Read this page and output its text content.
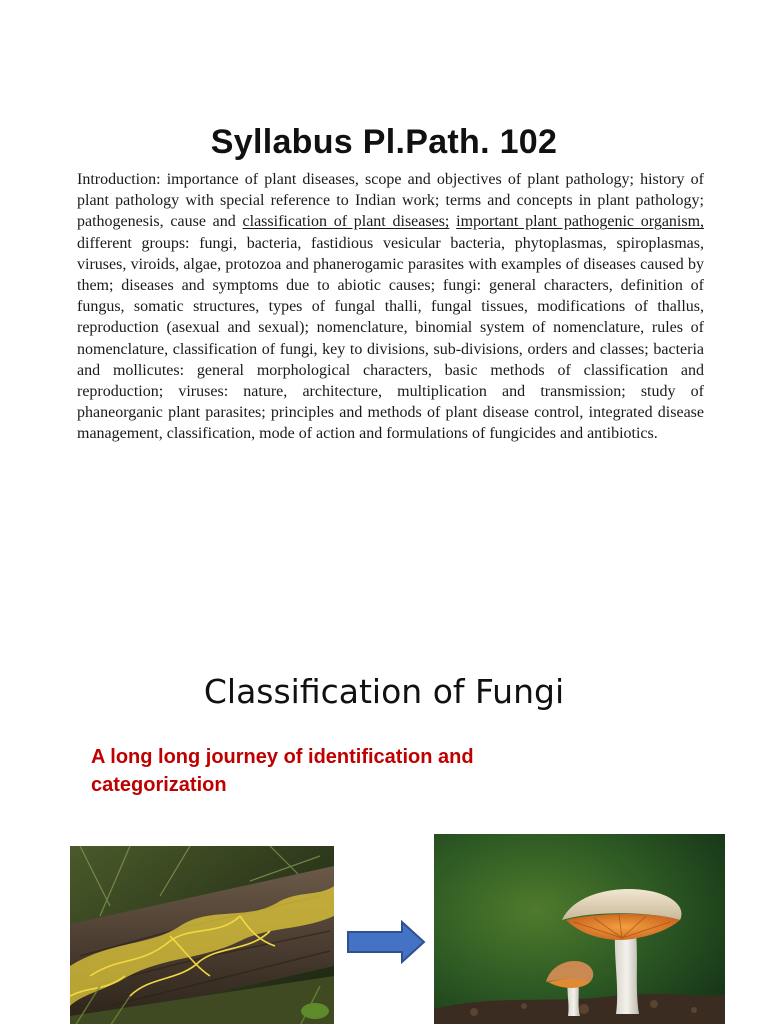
Syllabus Pl.Path. 102

Introduction: importance of plant diseases, scope and objectives of plant pathology; history of plant pathology with special reference to Indian work; terms and concepts in plant pathology; pathogenesis, cause and classification of plant diseases; important plant pathogenic organism, different groups: fungi, bacteria, fastidious vesicular bacteria, phytoplasmas, spiroplasmas, viruses, viroids, algae, protozoa and phanerogamic parasites with examples of diseases caused by them; diseases and symptoms due to abiotic causes; fungi: general characters, definition of fungus, somatic structures, types of fungal thalli, fungal tissues, modifications of thallus, reproduction (asexual and sexual); nomenclature, binomial system of nomenclature, rules of nomenclature, classification of fungi, key to divisions, sub-divisions, orders and classes; bacteria and mollicutes: general morphological characters, basic methods of classification and reproduction; viruses: nature, architecture, multiplication and transmission; study of phaneorganic plant parasites; principles and methods of plant disease control, integrated disease management, classification, mode of action and formulations of fungicides and antibiotics.

Classification of Fungi

A long long journey of identification and categorization
